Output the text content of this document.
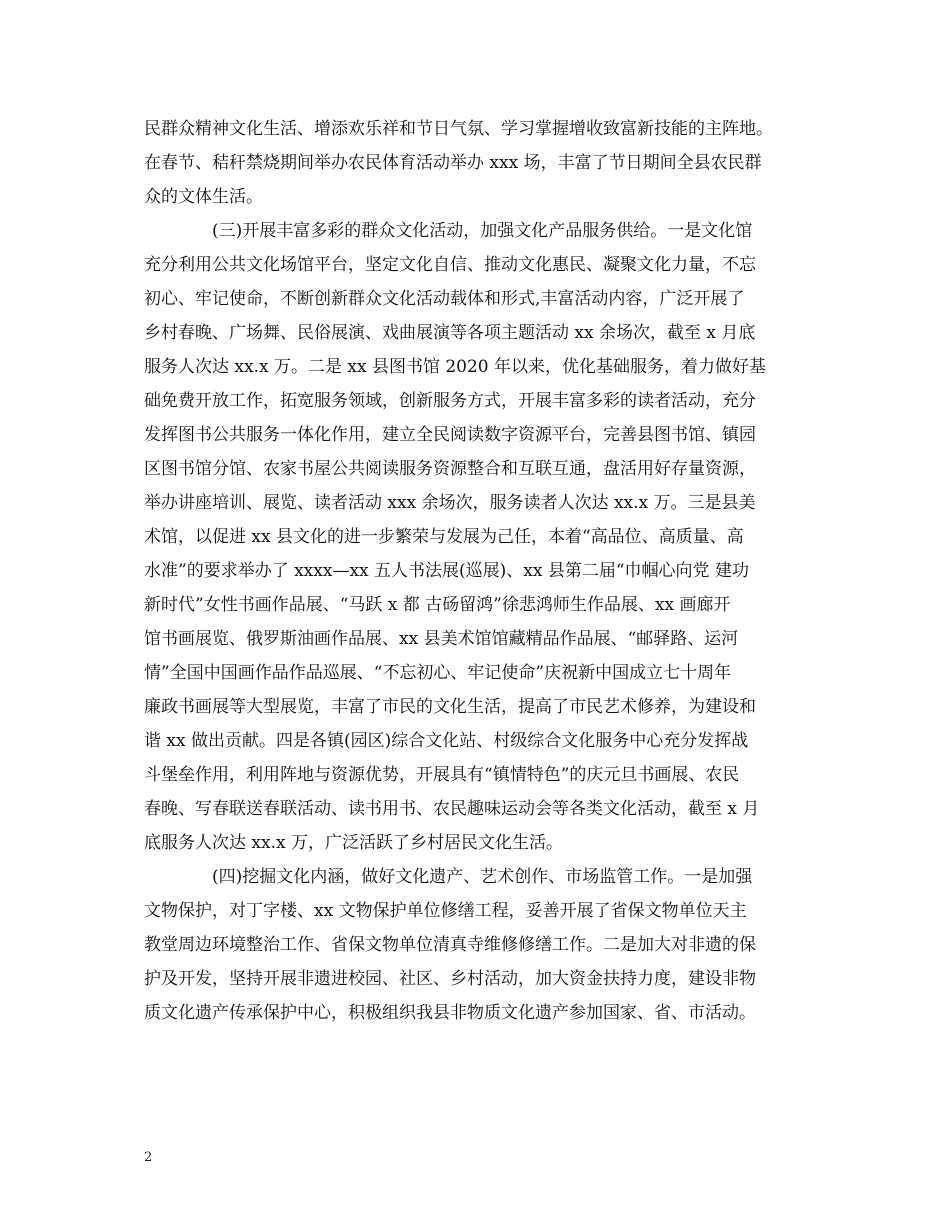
民群众精神文化生活、增添欢乐祥和节日气氛、学习掌握增收致富新技能的主阵地。
在春节、秸秆禁烧期间举办农民体育活动举办 xxx 场，丰富了节日期间全县农民群
众的文体生活。
(三)开展丰富多彩的群众文化活动，加强文化产品服务供给。一是文化馆
充分利用公共文化场馆平台，坚定文化自信、推动文化惠民、凝聚文化力量，不忘
初心、牢记使命，不断创新群众文化活动载体和形式,丰富活动内容，广泛开展了
乡村春晚、广场舞、民俗展演、戏曲展演等各项主题活动 xx 余场次，截至 x 月底
服务人次达 xx.x 万。二是 xx 县图书馆 2020 年以来，优化基础服务，着力做好基
础免费开放工作，拓宽服务领域，创新服务方式，开展丰富多彩的读者活动，充分
发挥图书公共服务一体化作用，建立全民阅读数字资源平台，完善县图书馆、镇园
区图书馆分馆、农家书屋公共阅读服务资源整合和互联互通，盘活用好存量资源，
举办讲座培训、展览、读者活动 xxx 余场次，服务读者人次达 xx.x 万。三是县美
术馆，以促进 xx 县文化的进一步繁荣与发展为己任，本着“高品位、高质量、高
水准”的要求举办了 xxxx—xx 五人书法展(巡展)、xx 县第二届“巾帼心向党 建功
新时代”女性书画作品展、“马跃 x 都 古砀留鸿”徐悲鸿师生作品展、xx 画廊开
馆书画展览、俄罗斯油画作品展、xx 县美术馆馆藏精品作品展、“邮驿路、运河
情”全国中国画作品作品巡展、“不忘初心、牢记使命”庆祝新中国成立七十周年
廉政书画展等大型展览，丰富了市民的文化生活，提高了市民艺术修养，为建设和
谐 xx 做出贡献。四是各镇(园区)综合文化站、村级综合文化服务中心充分发挥战
斗堡垒作用，利用阵地与资源优势，开展具有“镇情特色”的庆元旦书画展、农民
春晚、写春联送春联活动、读书用书、农民趣味运动会等各类文化活动，截至 x 月
底服务人次达 xx.x 万，广泛活跃了乡村居民文化生活。
(四)挖掘文化内涵，做好文化遗产、艺术创作、市场监管工作。一是加强
文物保护，对丁字楼、xx 文物保护单位修缮工程，妥善开展了省保文物单位天主
教堂周边环境整治工作、省保文物单位清真寺维修修缮工作。二是加大对非遗的保
护及开发，坚持开展非遗进校园、社区、乡村活动，加大资金扶持力度，建设非物
质文化遗产传承保护中心，积极组织我县非物质文化遗产参加国家、省、市活动。
2
